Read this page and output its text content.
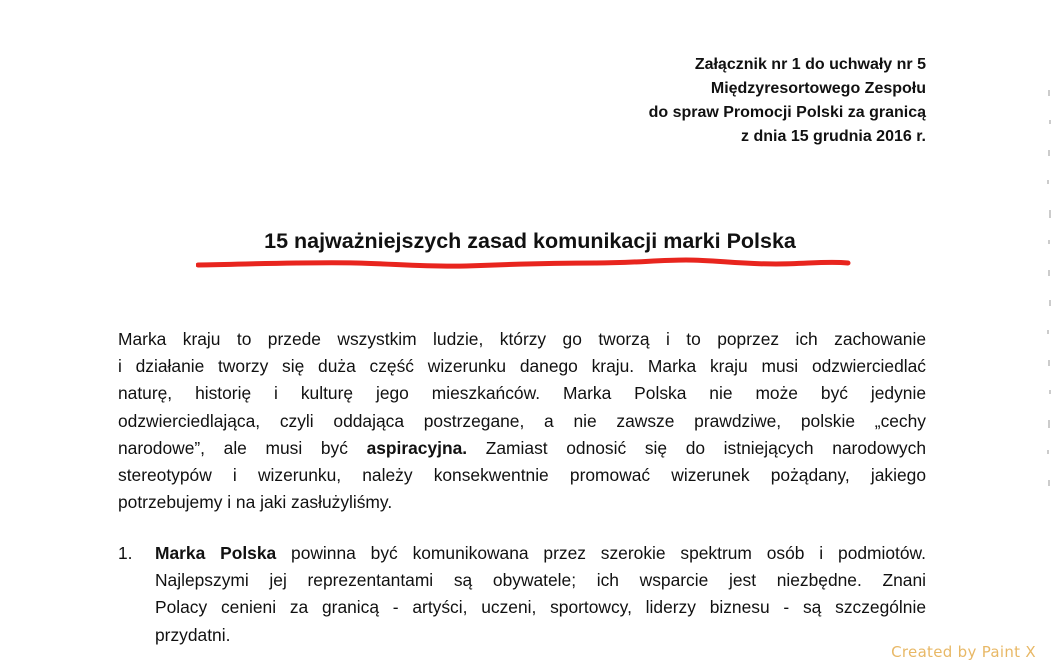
Załącznik nr 1 do uchwały nr 5
Międzyresortowego Zespołu
do spraw Promocji Polski za granicą
z dnia 15 grudnia 2016 r.
15 najważniejszych zasad komunikacji marki Polska
Marka kraju to przede wszystkim ludzie, którzy go tworzą i to poprzez ich zachowanie
i działanie tworzy się duża część wizerunku danego kraju. Marka kraju musi odzwierciedlać
naturę, historię i kulturę jego mieszkańców. Marka Polska nie może być jedynie
odzwierciedlająca, czyli oddająca postrzegane, a nie zawsze prawdziwe, polskie „cechy
narodowe”, ale musi być aspiracyjna. Zamiast odnosić się do istniejących narodowych
stereotypów i wizerunku, należy konsekwentnie promować wizerunek pożądany, jakiego
potrzebujemy i na jaki zasłużyliśmy.
1. Marka Polska powinna być komunikowana przez szerokie spektrum osób i podmiotów.
Najlepszymi jej reprezentantami są obywatele; ich wsparcie jest niezbędne. Znani
Polacy cenieni za granicą - artyści, uczeni, sportowcy, liderzy biznesu - są szczególnie
przydatni.
Created by Paint X
